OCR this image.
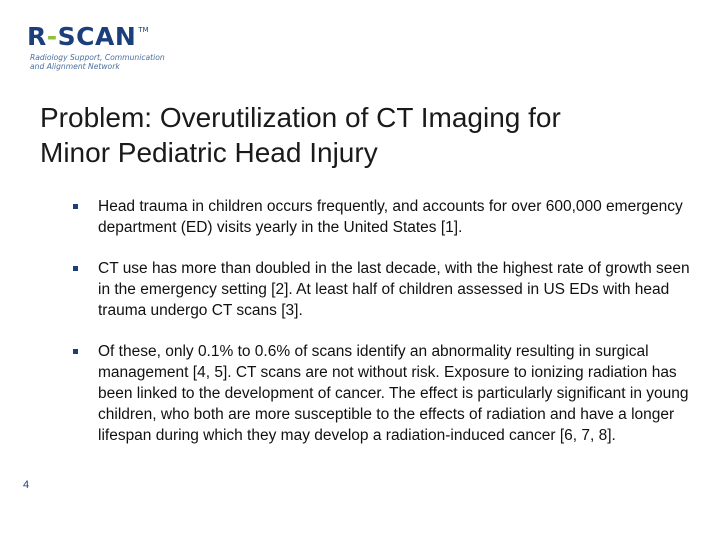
R - SCAN TM
Radiology Support, Communication
and Alignment Network
Problem: Overutilization of CT Imaging for
Minor Pediatric Head Injury
Head trauma in children occurs frequently, and accounts for over 600,000 emergency department (ED) visits yearly in the United States [1].
CT use has more than doubled in the last decade, with the highest rate of growth seen in the emergency setting [2]. At least half of children assessed in US EDs with head trauma undergo CT scans [3].
Of these, only 0.1% to 0.6% of scans identify an abnormality resulting in surgical management [4, 5]. CT scans are not without risk. Exposure to ionizing radiation has been linked to the development of cancer. The effect is particularly significant in young children, who both are more susceptible to the effects of radiation and have a longer lifespan during which they may develop a radiation-induced cancer [6, 7, 8].
4
